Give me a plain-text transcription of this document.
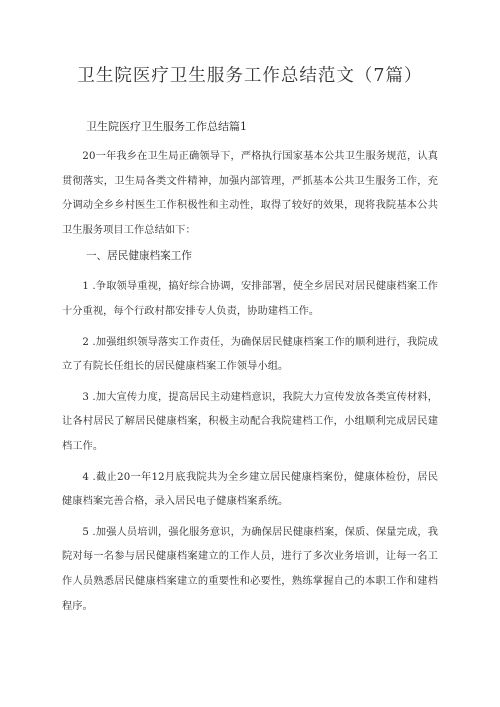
卫生院医疗卫生服务工作总结范文（7篇）
卫生院医疗卫生服务工作总结篇1

20一年我乡在卫生局正确领导下，严格执行国家基本公共卫生服务规范，认真贯彻落实，卫生局各类文件精神，加强内部管理，严抓基本公共卫生服务工作，充分调动全乡乡村医生工作积极性和主动性，取得了较好的效果，现将我院基本公共卫生服务项目工作总结如下：

一、居民健康档案工作

1 .争取领导重视，搞好综合协调，安排部署，使全乡居民对居民健康档案工作十分重视，每个行政村都安排专人负责，协助建档工作。

2 .加强组织领导落实工作责任，为确保居民健康档案工作的顺利进行，我院成立了有院长任组长的居民健康档案工作领导小组。

3 .加大宣传力度，提高居民主动建档意识，我院大力宣传发放各类宣传材料，让各村居民了解居民健康档案，积极主动配合我院建档工作，小组顺利完成居民建档工作。

4 .截止20一年12月底我院共为全乡建立居民健康档案份，健康体检份，居民健康档案完善合格，录入居民电子健康档案系统。

5 .加强人员培训，强化服务意识，为确保居民健康档案，保质、保量完成，我院对每一名参与居民健康档案建立的工作人员，进行了多次业务培训，让每一名工作人员熟悉居民健康档案建立的重要性和必要性，熟练掌握自己的本职工作和建档程序。
